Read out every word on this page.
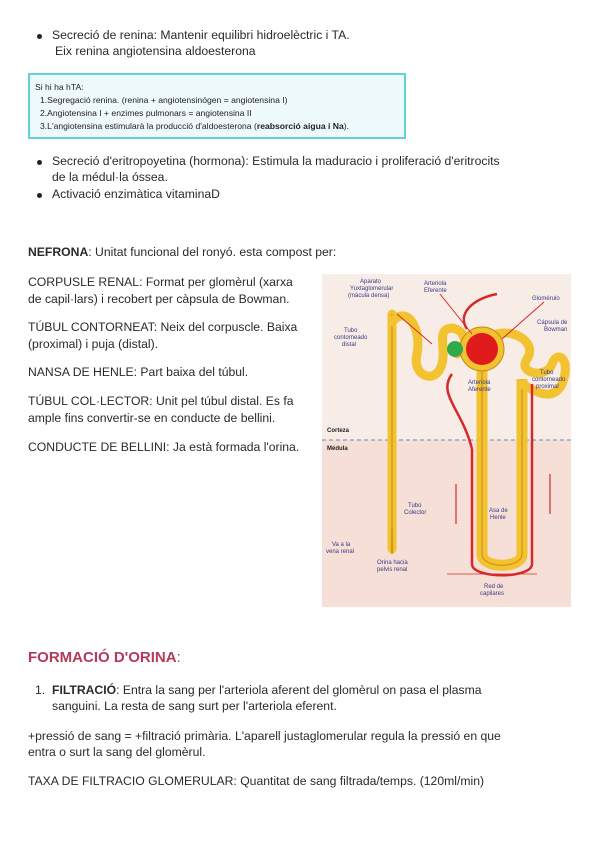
Secreció de renina: Mantenir equilibri hidroelèctric i TA.
Eix renina angiotensina aldoesterona
Si hi ha hTA:
1.Segregació renina. (renina + angiotensinógen = angiotensina I)
2.Angiotensina I + enzimes pulmonars = angiotensina II
3.L'angiotensina estimularà la producció d'aldoesterona (reabsorció aigua i Na).
Secreció d'eritropoyetina (hormona): Estimula la maduracio i proliferació d'eritrocits
de la médul·la óssea.
Activació enzimàtica vitaminaD
NEFRONA: Unitat funcional del ronyó. esta compost per:
CORPUSLE RENAL: Format per glomèrul (xarxa
de capil·lars) i recobert per càpsula de Bowman.
TÚBUL CONTORNEAT: Neix del corpuscle. Baixa
(proximal) i puja (distal).
NANSA DE HENLE: Part baixa del túbul.
TÚBUL COL·LECTOR: Unit pel túbul distal. Es fa
ample fins convertir-se en conducte de bellini.
CONDUCTE DE BELLINI: Ja està formada l'orina.
Aparato
Yuxtaglomerular
(mácula densa)
Arteriola
Eferente
Glomérulo
Cápsula de
Bowman
Tubo
contorneado
distal
Arteriola
Aferente
Tubo
contorneado
proximal
Corteza
Médula
Tubo
Colector	Asa de
Henle
Va a la
vena renal
Orina hacia
pelvis renal
Red de
capilares
FORMACIÓ D'ORINA:
1. FILTRACIÓ: Entra la sang per l'arteriola aferent del glomèrul on pasa el plasma
sanguini. La resta de sang surt per l'arteriola eferent.
+pressió de sang = +filtració primària. L'aparell justaglomerular regula la pressió en que
entra o surt la sang del glomèrul.
TAXA DE FILTRACIO GLOMERULAR: Quantitat de sang filtrada/temps. (120ml/min)
